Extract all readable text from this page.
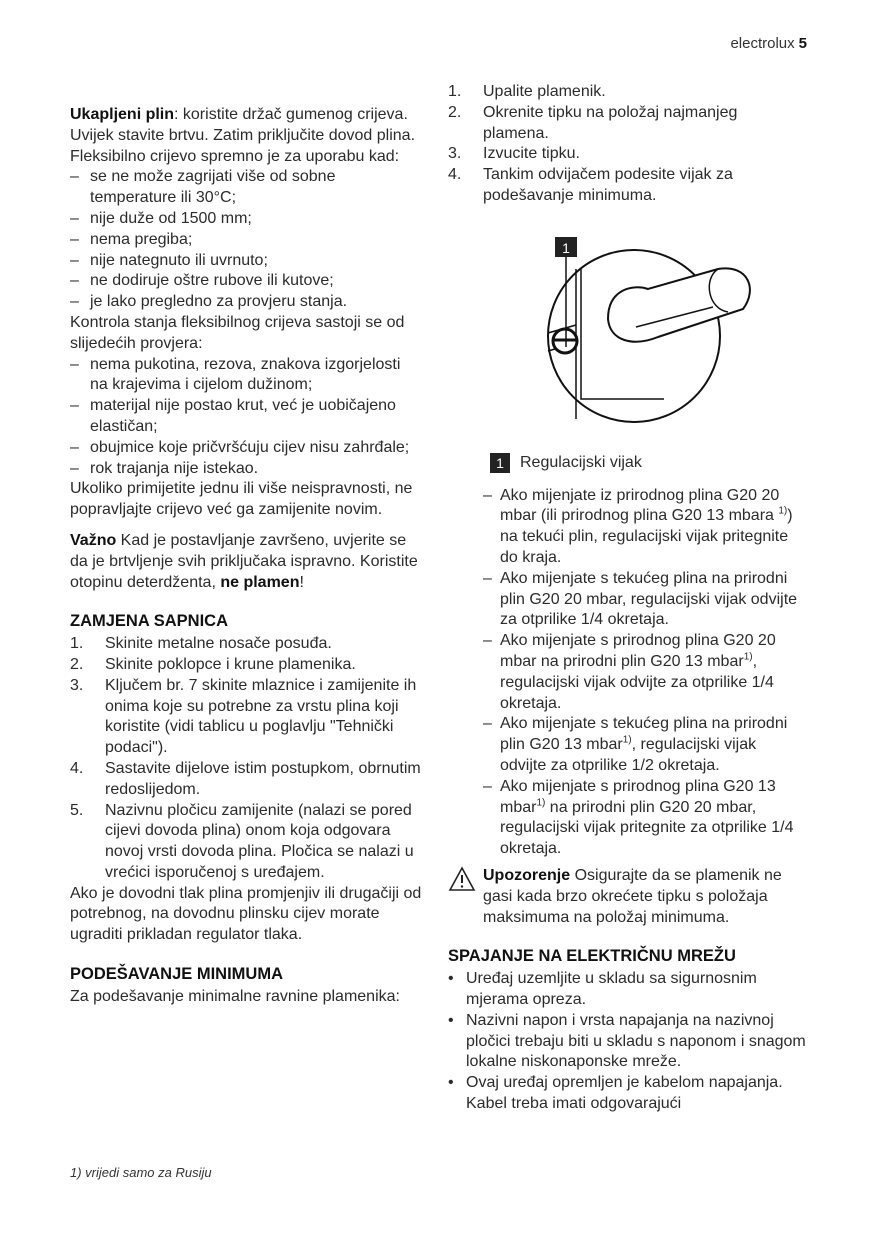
electrolux 5

Ukapljeni plin: koristite držač gumenog crijeva. Uvijek stavite brtvu. Zatim priključite dovod plina. Fleksibilno crijevo spremno je za uporabu kad:

– se ne može zagrijati više od sobne temperature ili 30°C;
– nije duže od 1500 mm;
– nema pregiba;
– nije nategnuto ili uvrnuto;
– ne dodiruje oštre rubove ili kutove;
– je lako pregledno za provjeru stanja.

Kontrola stanja fleksibilnog crijeva sastoji se od slijedećih provjera:

– nema pukotina, rezova, znakova izgorjelosti na krajevima i cijelom dužinom;
– materijal nije postao krut, već je uobičajeno elastičan;
– obujmice koje pričvršćuju cijev nisu zahrđale;
– rok trajanja nije istekao.

Ukoliko primijetite jednu ili više neispravnosti, ne popravljajte crijevo već ga zamijenite novim.

Važno Kad je postavljanje završeno, uvjerite se da je brtvljenje svih priključaka ispravno. Koristite otopinu deterdženta, ne plamen!

ZAMJENA SAPNICA
1. Skinite metalne nosače posuđa.
2. Skinite poklopce i krune plamenika.
3. Ključem br. 7 skinite mlaznice i zamijenite ih onima koje su potrebne za vrstu plina koji koristite (vidi tablicu u poglavlju "Tehnički podaci").
4. Sastavite dijelove istim postupkom, obrnutim redoslijedom.
5. Nazivnu pločicu zamijenite (nalazi se pored cijevi dovoda plina) onom koja odgovara novoj vrsti dovoda plina. Pločica se nalazi u vrećici isporučenoj s uređajem.

Ako je dovodni tlak plina promjenjiv ili drugačiji od potrebnog, na dovodnu plinsku cijev morate ugraditi prikladan regulator tlaka.

PODEŠAVANJE MINIMUMA

Za podešavanje minimalne ravnine plamenika:

1. Upalite plamenik.
2. Okrenite tipku na položaj najmanjeg plamena.
3. Izvucite tipku.
4. Tankim odvijačem podesite vijak za podešavanje minimuma.
1
1	Regulacijski vijak
– Ako mijenjate iz prirodnog plina G20 20 mbar (ili prirodnog plina G20 13 mbara $^{1)}$) na tekući plin, regulacijski vijak pritegnite do kraja.
– Ako mijenjate s tekućeg plina na prirodni plin G20 20 mbar, regulacijski vijak odvijte za otprilike 1/4 okretaja.
– Ako mijenjate s prirodnog plina G20 20 mbar na prirodni plin G20 13 mbar$^{1)}$, regulacijski vijak odvijte za otprilike 1/4 okretaja.
– Ako mijenjate s tekućeg plina na prirodni plin G20 13 mbar$^{1)}$, regulacijski vijak odvijte za otprilike 1/2 okretaja.
– Ako mijenjate s prirodnog plina G20 13 mbar$^{1)}$ na prirodni plin G20 20 mbar, regulacijski vijak pritegnite za otprilike 1/4 okretaja.

Upozorenje Osigurajte da se plamenik ne gasi kada brzo okrećete tipku s položaja maksimuma na položaj minimuma.

SPAJANJE NA ELEKTRIČNU MREŽU
• Uređaj uzemljite u skladu sa sigurnosnim mjerama opreza.
• Nazivni napon i vrsta napajanja na nazivnoj pločici trebaju biti u skladu s naponom i snagom lokalne niskonaponske mreže.
• Ovaj uređaj opremljen je kabelom napajanja. Kabel treba imati odgovarajući
1) vrijedi samo za Rusiju
